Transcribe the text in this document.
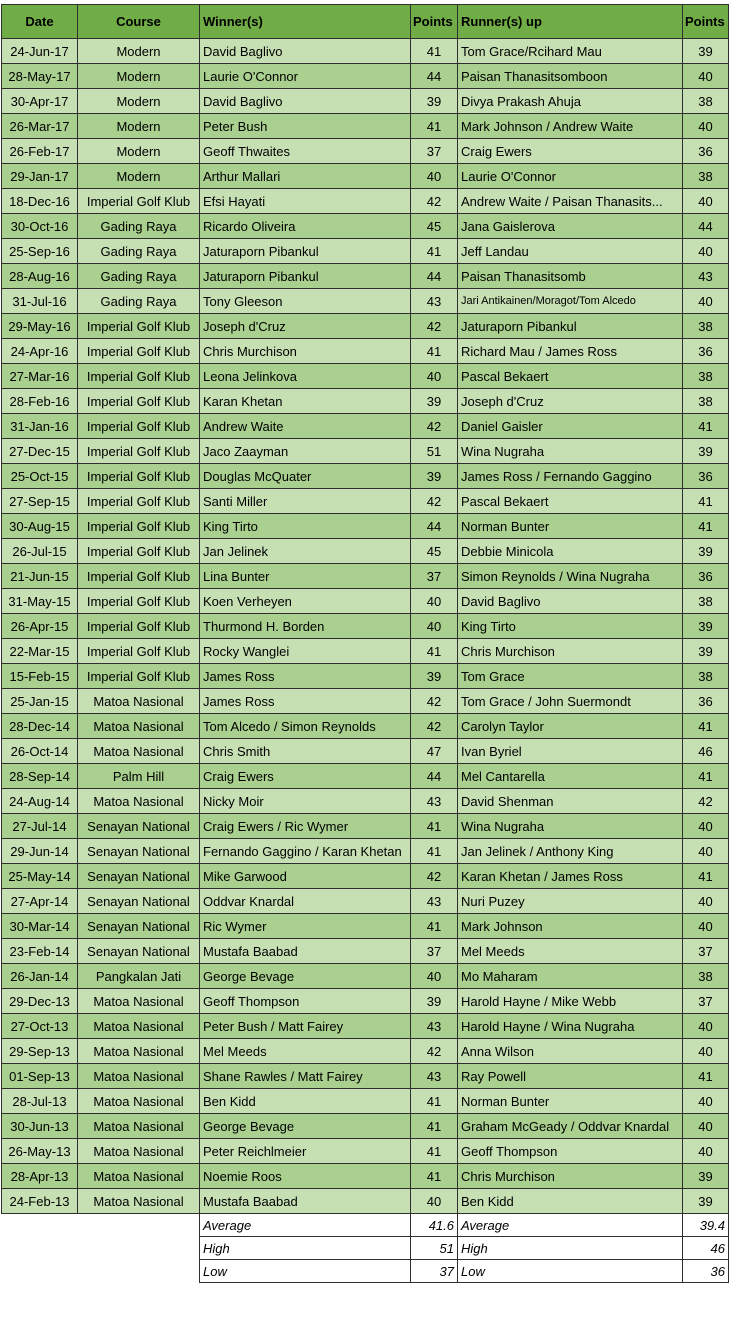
Date	Course	Winner(s)	Points	Runner(s) up	Points
24-Jun-17	Modern	David Baglivo	41	Tom Grace/Rcihard Mau	39
28-May-17	Modern	Laurie O'Connor	44	Paisan Thanasitsomboon	40
30-Apr-17	Modern	David Baglivo	39	Divya Prakash Ahuja	38
26-Mar-17	Modern	Peter Bush	41	Mark Johnson / Andrew Waite	40
26-Feb-17	Modern	Geoff Thwaites	37	Craig Ewers	36
29-Jan-17	Modern	Arthur Mallari	40	Laurie O'Connor	38
18-Dec-16	Imperial Golf Klub	Efsi Hayati	42	Andrew Waite / Paisan Thanasits...	40
30-Oct-16	Gading Raya	Ricardo Oliveira	45	Jana Gaislerova	44
25-Sep-16	Gading Raya	Jaturaporn Pibankul	41	Jeff Landau	40
28-Aug-16	Gading Raya	Jaturaporn Pibankul	44	Paisan Thanasitsomb	43
31-Jul-16	Gading Raya	Tony Gleeson	43	Jari Antikainen/Moragot/Tom Alcedo	40
29-May-16	Imperial Golf Klub	Joseph d'Cruz	42	Jaturaporn Pibankul	38
24-Apr-16	Imperial Golf Klub	Chris Murchison	41	Richard Mau / James Ross	36
27-Mar-16	Imperial Golf Klub	Leona Jelinkova	40	Pascal Bekaert	38
28-Feb-16	Imperial Golf Klub	Karan Khetan	39	Joseph d'Cruz	38
31-Jan-16	Imperial Golf Klub	Andrew Waite	42	Daniel Gaisler	41
27-Dec-15	Imperial Golf Klub	Jaco Zaayman	51	Wina Nugraha	39
25-Oct-15	Imperial Golf Klub	Douglas McQuater	39	James Ross / Fernando Gaggino	36
27-Sep-15	Imperial Golf Klub	Santi Miller	42	Pascal Bekaert	41
30-Aug-15	Imperial Golf Klub	King Tirto	44	Norman Bunter	41
26-Jul-15	Imperial Golf Klub	Jan Jelinek	45	Debbie Minicola	39
21-Jun-15	Imperial Golf Klub	Lina Bunter	37	Simon Reynolds / Wina Nugraha	36
31-May-15	Imperial Golf Klub	Koen Verheyen	40	David Baglivo	38
26-Apr-15	Imperial Golf Klub	Thurmond H. Borden	40	King Tirto	39
22-Mar-15	Imperial Golf Klub	Rocky Wanglei	41	Chris Murchison	39
15-Feb-15	Imperial Golf Klub	James Ross	39	Tom Grace	38
25-Jan-15	Matoa Nasional	James Ross	42	Tom Grace / John Suermondt	36
28-Dec-14	Matoa Nasional	Tom Alcedo / Simon Reynolds	42	Carolyn Taylor	41
26-Oct-14	Matoa Nasional	Chris Smith	47	Ivan Byriel	46
28-Sep-14	Palm Hill	Craig Ewers	44	Mel Cantarella	41
24-Aug-14	Matoa Nasional	Nicky Moir	43	David Shenman	42
27-Jul-14	Senayan National	Craig Ewers / Ric Wymer	41	Wina Nugraha	40
29-Jun-14	Senayan National	Fernando Gaggino / Karan Khetan	41	Jan Jelinek / Anthony King	40
25-May-14	Senayan National	Mike Garwood	42	Karan Khetan / James Ross	41
27-Apr-14	Senayan National	Oddvar Knardal	43	Nuri Puzey	40
30-Mar-14	Senayan National	Ric Wymer	41	Mark Johnson	40
23-Feb-14	Senayan National	Mustafa Baabad	37	Mel Meeds	37
26-Jan-14	Pangkalan Jati	George Bevage	40	Mo Maharam	38
29-Dec-13	Matoa Nasional	Geoff Thompson	39	Harold Hayne / Mike Webb	37
27-Oct-13	Matoa Nasional	Peter Bush / Matt Fairey	43	Harold Hayne / Wina Nugraha	40
29-Sep-13	Matoa Nasional	Mel Meeds	42	Anna Wilson	40
01-Sep-13	Matoa Nasional	Shane Rawles / Matt Fairey	43	Ray Powell	41
28-Jul-13	Matoa Nasional	Ben Kidd	41	Norman Bunter	40
30-Jun-13	Matoa Nasional	George Bevage	41	Graham McGeady / Oddvar Knardal	40
26-May-13	Matoa Nasional	Peter Reichlmeier	41	Geoff Thompson	40
28-Apr-13	Matoa Nasional	Noemie Roos	41	Chris Murchison	39
24-Feb-13	Matoa Nasional	Mustafa Baabad	40	Ben Kidd	39
		Average	41.6	Average	39.4
		High	51	High	46
		Low	37	Low	36
